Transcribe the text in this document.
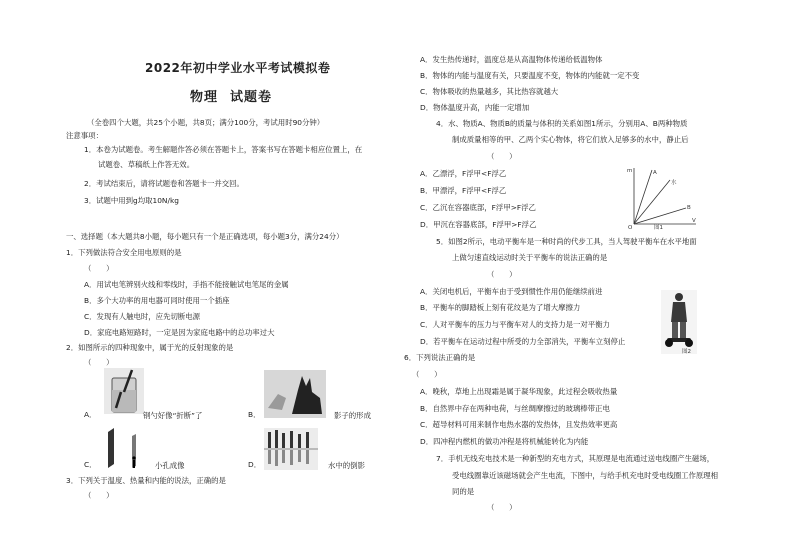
2022年初中学业水平考试模拟卷
物理 试题卷
（全卷四个大题，共25个小题，共8页；满分100分，考试用时90分钟）
注意事项：
1．本卷为试题卷。考生解题作答必须在答题卡上，答案书写在答题卡相应位置上，在
试题卷、草稿纸上作答无效。
2．考试结束后，请将试题卷和答题卡一并交回。
3．试题中用到g均取10N/kg
一、选择题（本大题共8小题，每小题只有一个是正确选项，每小题3分，满分24分）
1．下列做法符合安全用电原则的是
（　　）
A．用试电笔辨别火线和零线时，手指不能接触试电笔尾的金属
B．多个大功率的用电器可同时使用一个插座
C．发现有人触电时，应先切断电源
D．家庭电路短路时，一定是因为家庭电路中的总功率过大
2．如图所示的四种现象中，属于光的反射现象的是
（　　）
A．	钢勺好像“折断”了	B．	影子的形成
C．	小孔成像	D．	水中的倒影
3．下列关于温度、热量和内能的说法，正确的是
（　　）
A．发生热传递时，温度总是从高温物体传递给低温物体
B．物体的内能与温度有关，只要温度不变，物体的内能就一定不变
C．物体吸收的热量越多，其比热容就越大
D．物体温度升高，内能一定增加
4．水、物质A、物质B的质量与体积的关系如图1所示，分别用A、B两种物质
制成质量相等的甲、乙两个实心物体，将它们放入足够多的水中，静止后
（　　）
A．乙漂浮，F浮甲<F浮乙
B．甲漂浮，F浮甲<F浮乙
C．乙沉在容器底部，F浮甲>F浮乙
D．甲沉在容器底部，F浮甲>F浮乙
m
V
O
A
水
B
图1
5．如图2所示，电动平衡车是一种时尚的代步工具，当人驾驶平衡车在水平地面
上做匀速直线运动时关于平衡车的说法正确的是
（　　）
A．关闭电机后，平衡车由于受到惯性作用仍能继续前进
B．平衡车的脚踏板上刻有花纹是为了增大摩擦力
C．人对平衡车的压力与平衡车对人的支持力是一对平衡力
D．若平衡车在运动过程中所受的力全部消失，平衡车立刻停止
图2
6．下列说法正确的是
（　　）
A．晚秋，草地上出现霜是属于凝华现象，此过程会吸收热量
B．自然界中存在两种电荷，与丝绸摩擦过的玻璃棒带正电
C．超导材料可用来制作电热水器的发热体，且发热效率更高
D．四冲程内燃机的做功冲程是将机械能转化为内能
7．手机无线充电技术是一种新型的充电方式，其原理是电流通过送电线圈产生磁场，
受电线圈靠近该磁场就会产生电流，下图中，与给手机充电时受电线圈工作原理相
同的是
（　　）
